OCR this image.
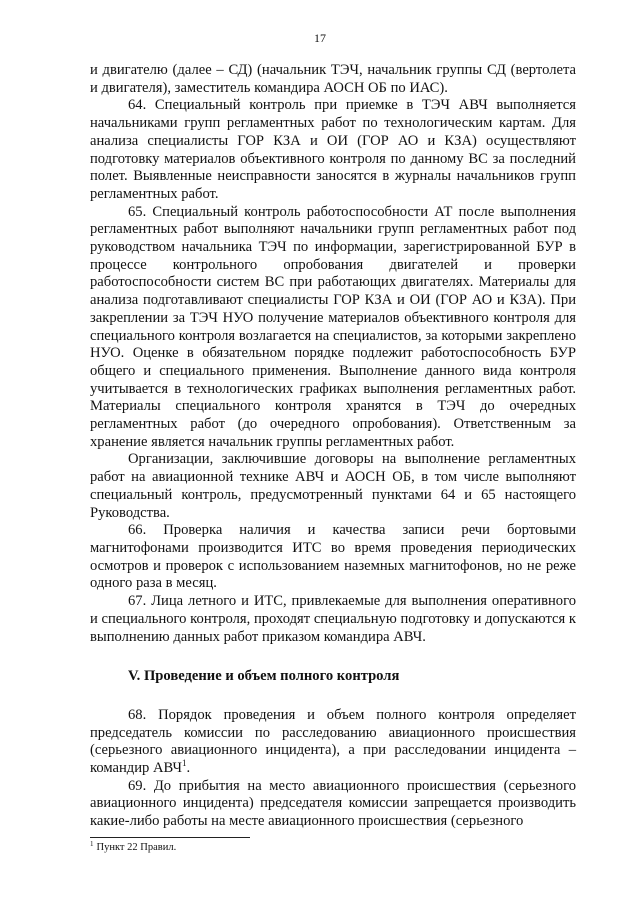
17

и двигателю (далее – СД) (начальник ТЭЧ, начальник группы СД (вертолета и двигателя), заместитель командира АОСН ОБ по ИАС).

64. Специальный контроль при приемке в ТЭЧ АВЧ выполняется начальниками групп регламентных работ по технологическим картам. Для анализа специалисты ГОР КЗА и ОИ (ГОР АО и КЗА) осуществляют подготовку материалов объективного контроля по данному ВС за последний полет. Выявленные неисправности заносятся в журналы начальников групп регламентных работ.

65. Специальный контроль работоспособности АТ после выполнения регламентных работ выполняют начальники групп регламентных работ под руководством начальника ТЭЧ по информации, зарегистрированной БУР в процессе контрольного опробования двигателей и проверки работоспособности систем ВС при работающих двигателях. Материалы для анализа подготавливают специалисты ГОР КЗА и ОИ (ГОР АО и КЗА). При закреплении за ТЭЧ НУО получение материалов объективного контроля для специального контроля возлагается на специалистов, за которыми закреплено НУО. Оценке в обязательном порядке подлежит работоспособность БУР общего и специального применения. Выполнение данного вида контроля учитывается в технологических графиках выполнения регламентных работ. Материалы специального контроля хранятся в ТЭЧ до очередных регламентных работ (до очередного опробования). Ответственным за хранение является начальник группы регламентных работ.

Организации, заключившие договоры на выполнение регламентных работ на авиационной технике АВЧ и АОСН ОБ, в том числе выполняют специальный контроль, предусмотренный пунктами 64 и 65 настоящего Руководства.

66. Проверка наличия и качества записи речи бортовыми магнитофонами производится ИТС во время проведения периодических осмотров и проверок с использованием наземных магнитофонов, но не реже одного раза в месяц.

67. Лица летного и ИТС, привлекаемые для выполнения оперативного и специального контроля, проходят специальную подготовку и допускаются к выполнению данных работ приказом командира АВЧ.

V. Проведение и объем полного контроля

68. Порядок проведения и объем полного контроля определяет председатель комиссии по расследованию авиационного происшествия (серьезного авиационного инцидента), а при расследовании инцидента – командир АВЧ$^1$.

69. До прибытия на место авиационного происшествия (серьезного авиационного инцидента) председателя комиссии запрещается производить какие-либо работы на месте авиационного происшествия (серьезного

$^1$ Пункт 22 Правил.
